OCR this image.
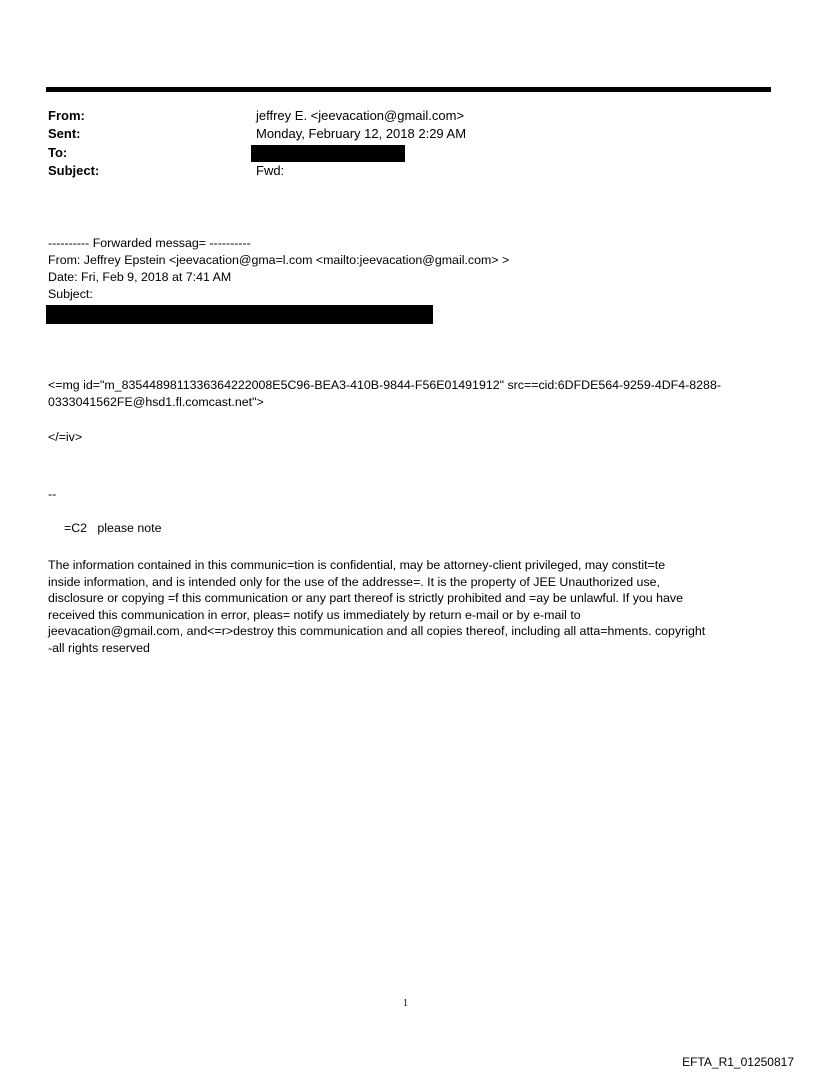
From:	jeffrey E. <jeevacation@gmail.com>
Sent:	Monday, February 12, 2018 2:29 AM
To:
Subject:	Fwd:
---------- Forwarded messag= ----------
From: Jeffrey Epstein <jeevacation@gma=l.com <mailto:jeevacation@gmail.com> >
Date: Fri, Feb 9, 2018 at 7:41 AM
Subject:
<=mg id="m_8354489811336364222008E5C96-BEA3-410B-9844-F56E01491912" src==cid:6DFDE564-9259-4DF4-8288-
0333041562FE@hsd1.fl.comcast.net">
</=iv>
--
=C2   please note
The information contained in this communic=tion is confidential, may be attorney-client privileged, may constit=te
inside information, and is intended only for the use of the addresse=. It is the property of JEE Unauthorized use,
disclosure or copying =f this communication or any part thereof is strictly prohibited and =ay be unlawful. If you have
received this communication in error, pleas= notify us immediately by return e-mail or by e-mail to
jeevacation@gmail.com, and<=r>destroy this communication and all copies thereof, including all atta=hments. copyright
-all rights reserved
1
EFTA_R1_01250817
